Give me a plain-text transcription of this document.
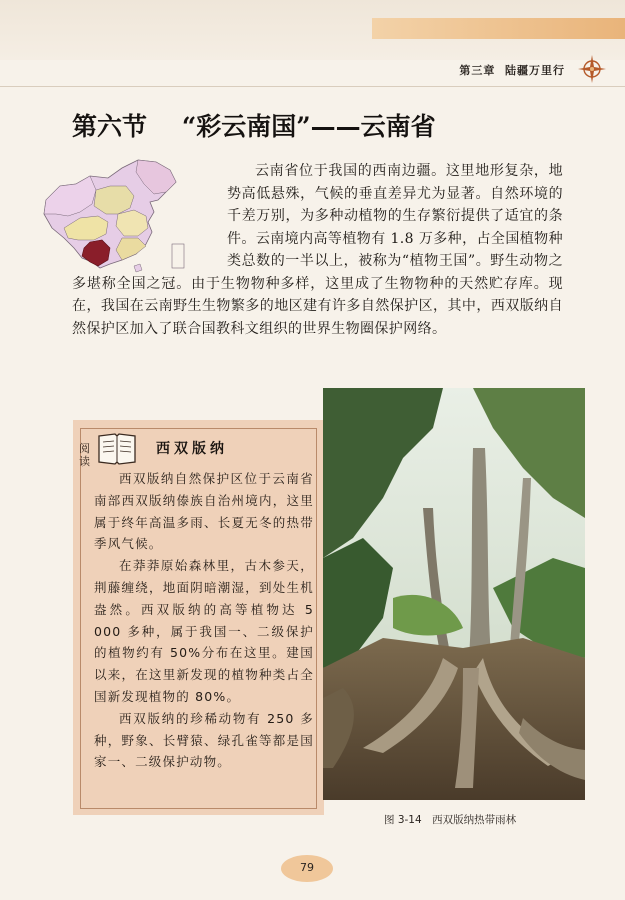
第三章 陆疆万里行
第六节 “彩云南国”——云南省

云南省位于我国的西南边疆。这里地形复杂，地势高低悬殊，气候的垂直差异尤为显著。自然环境的千差万别，为多种动植物的生存繁衍提供了适宜的条件。云南境内高等植物有 1.8 万多种，占全国植物种类总数的一半以上，被称为“植物王国”。野生动物之多堪称全国之冠。由于生物物种多样，这里成了生物物种的天然贮存库。现在，我国在云南野生生物繁多的地区建有许多自然保护区，其中，西双版纳自然保护区加入了联合国教科文组织的世界生物圈保护网络。

阅读
西双版纳

西双版纳自然保护区位于云南省南部西双版纳傣族自治州境内，这里属于终年高温多雨、长夏无冬的热带季风气候。

在莽莽原始森林里，古木参天，荆藤缠绕，地面阴暗潮湿，到处生机盎然。西双版纳的高等植物达 5 000 多种，属于我国一、二级保护的植物约有 50%分布在这里。建国以来，在这里新发现的植物种类占全国新发现植物的 80%。

西双版纳的珍稀动物有 250 多种，野象、长臂猿、绿孔雀等都是国家一、二级保护动物。

图 3-14　西双版纳热带雨林
79
